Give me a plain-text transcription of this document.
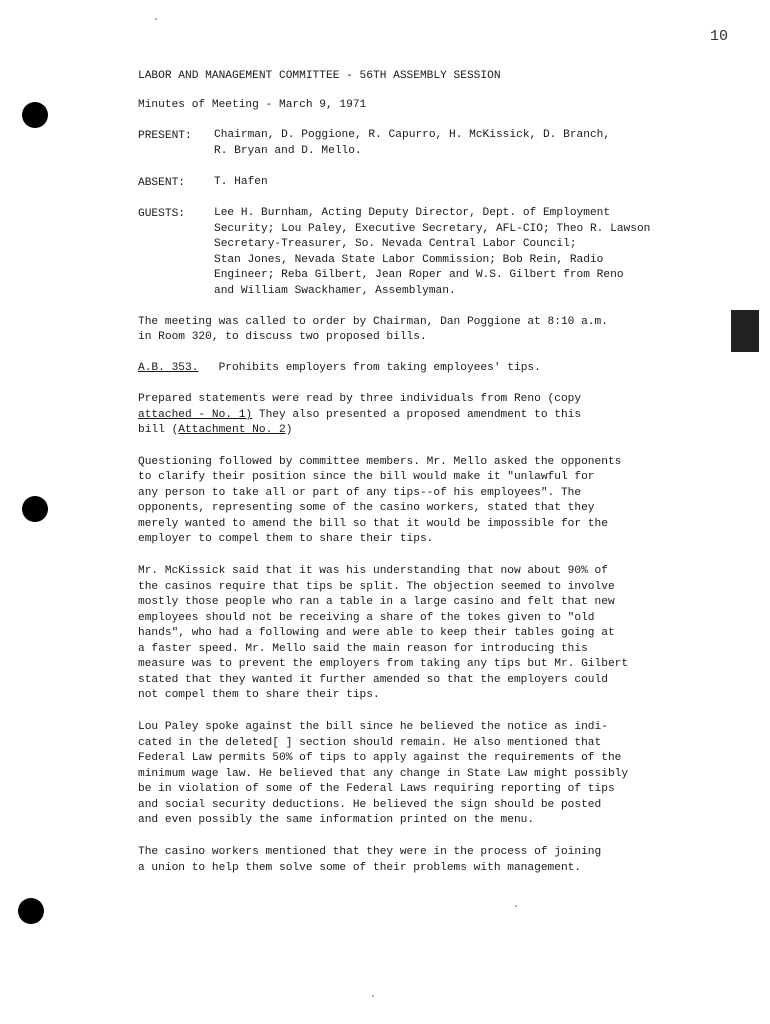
10
LABOR AND MANAGEMENT COMMITTEE - 56TH ASSEMBLY SESSION
Minutes of Meeting - March 9, 1971
PRESENT: Chairman, D. Poggione, R. Capurro, H. McKissick, D. Branch,
R. Bryan and D. Mello.
ABSENT:	T. Hafen
GUESTS:	Lee H. Burnham, Acting Deputy Director, Dept. of Employment
Security; Lou Paley, Executive Secretary, AFL-CIO; Theo R. Lawson
Secretary-Treasurer, So. Nevada Central Labor Council;
Stan Jones, Nevada State Labor Commission; Bob Rein, Radio
Engineer; Reba Gilbert, Jean Roper and W.S. Gilbert from Reno
and William Swackhamer, Assemblyman.
The meeting was called to order by Chairman, Dan Poggione at 8:10 a.m.
in Room 320, to discuss two proposed bills.
A.B. 353. Prohibits employers from taking employees' tips.
Prepared statements were read by three individuals from Reno (copy
attached - No. 1) They also presented a proposed amendment to this
bill (Attachment No. 2)
Questioning followed by committee members. Mr. Mello asked the opponents
to clarify their position since the bill would make it "unlawful for
any person to take all or part of any tips--of his employees". The
opponents, representing some of the casino workers, stated that they
merely wanted to amend the bill so that it would be impossible for the
employer to compel them to share their tips.
Mr. McKissick said that it was his understanding that now about 90% of
the casinos require that tips be split. The objection seemed to involve
mostly those people who ran a table in a large casino and felt that new
employees should not be receiving a share of the tokes given to "old
hands", who had a following and were able to keep their tables going at
a faster speed. Mr. Mello said the main reason for introducing this
measure was to prevent the employers from taking any tips but Mr. Gilbert
stated that they wanted it further amended so that the employers could
not compel them to share their tips.
Lou Paley spoke against the bill since he believed the notice as indi-
cated in the deleted[ ] section should remain. He also mentioned that
Federal Law permits 50% of tips to apply against the requirements of the
minimum wage law. He believed that any change in State Law might possibly
be in violation of some of the Federal Laws requiring reporting of tips
and social security deductions. He believed the sign should be posted
and even possibly the same information printed on the menu.
The casino workers mentioned that they were in the process of joining
a union to help them solve some of their problems with management.
